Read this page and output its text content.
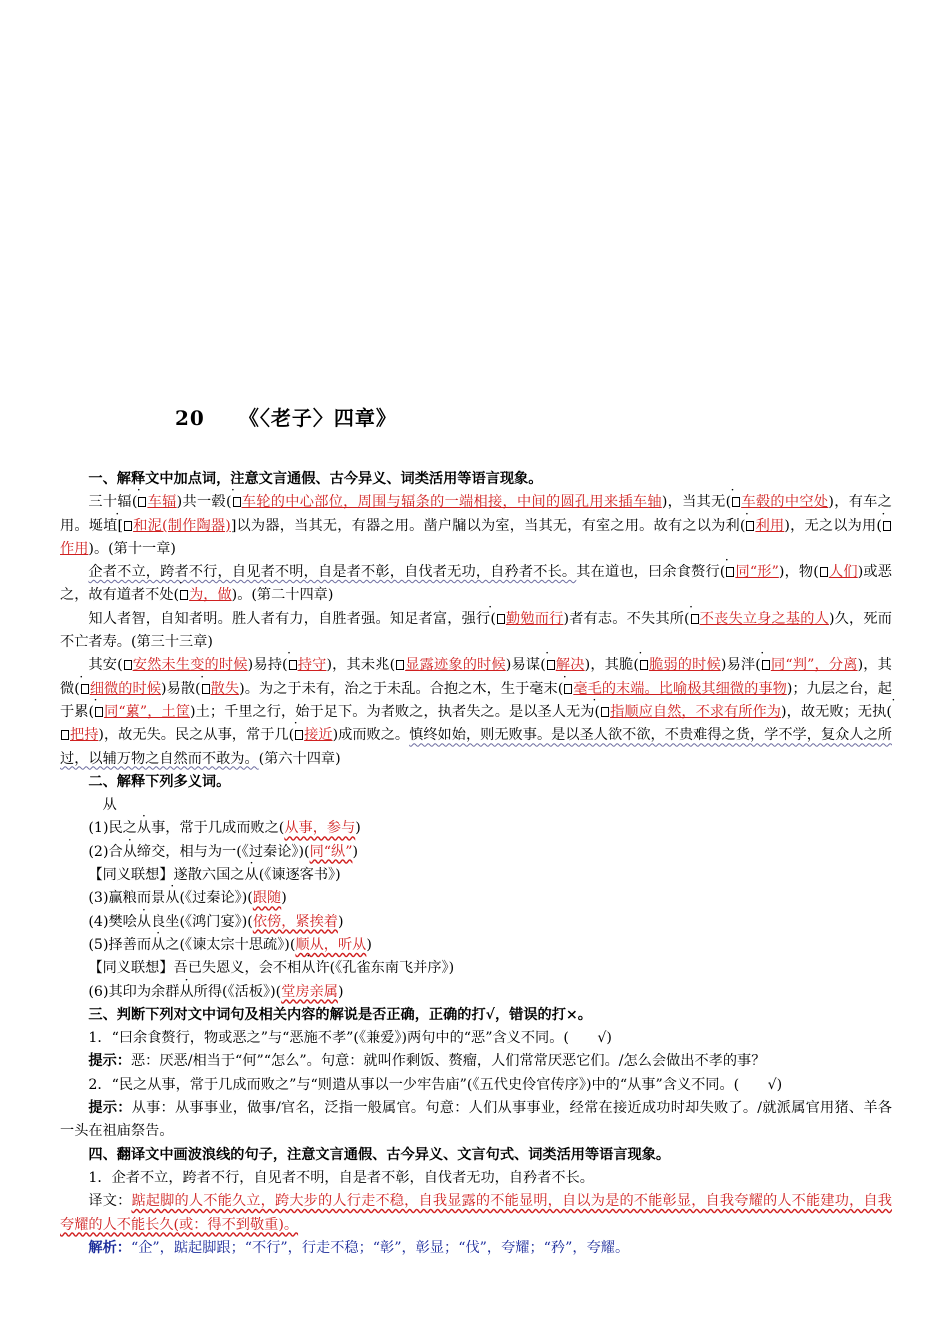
20 《〈老子〉四章》

一、解释文中加点词，注意文言通假、古今异义、词类活用等语言现象。

三十辐( 车辐)共一毂( 车轮的中心部位，周围与辐条的一端相接，中间的圆孔用来插车轴)，当其无( 车毂的中空处)，有车之用。埏埴[ 和泥(制作陶器)]以为器，当其无，有器之用。凿户牖以为室，当其无，有室之用。故有之以为利( 利用)，无之以为用(作用)。(第十一章)

企者不立，跨者不行，自见者不明，自是者不彰，自伐者无功，自矜者不长。其在道也，曰余食赘行( 同“形”)，物( 人们)或恶之，故有道者不处( 为，做)。(第二十四章)

知人者智，自知者明。胜人者有力，自胜者强。知足者富，强行( 勤勉而行)者有志。不失其所( 不丧失立身之基的人)久，死而不亡者寿。(第三十三章)

其安( 安然未生变的时候)易持( 持守)，其未兆( 显露迹象的时候)易谋( 解决)，其脆( 脆弱的时候)易泮( 同“判”，分离)，其微( 细微的时候)易散( 散失)。为之于未有，治之于未乱。合抱之木，生于毫末( 毫毛的末端。比喻极其细微的事物)；九层之台，起于累( 同“蔂”，土筐)土；千里之行，始于足下。为者败之，执者失之。是以圣人无为( 指顺应自然，不求有所作为)，故无败；无执(把持)，故无失。民之从事，常于几( 接近)成而败之。慎终如始，则无败事。是以圣人欲不欲，不贵难得之货，学不学，复众人之所过，以辅万物之自然而不敢为。(第六十四章)

二、解释下列多义词。

从

(1)民之从事，常于几成而败之(从事，参与)

(2)合从缔交，相与为一(《过秦论》)(同“纵”)

【同义联想】遂散六国之从(《谏逐客书》)

(3)赢粮而景从(《过秦论》)(跟随)

(4)樊哙从良坐(《鸿门宴》)(依傍，紧挨着)

(5)择善而从之(《谏太宗十思疏》)(顺从，听从)

【同义联想】吾已失恩义，会不相从许(《孔雀东南飞并序》)

(6)其印为余群从所得(《活板》)(堂房亲属)

三、判断下列对文中词句及相关内容的解说是否正确，正确的打√，错误的打×。

1．“曰余食赘行，物或恶之”与“恶施不孝”(《兼爱》)两句中的“恶”含义不同。( √)

提示：恶：厌恶/相当于“何”“怎么”。句意：就叫作剩饭、赘瘤，人们常常厌恶它们。/怎么会做出不孝的事？

2．“民之从事，常于几成而败之”与“则遣从事以一少牢告庙”(《五代史伶官传序》)中的“从事”含义不同。( √)

提示：从事：从事事业，做事/官名，泛指一般属官。句意：人们从事事业，经常在接近成功时却失败了。/就派属官用猪、羊各一头在祖庙祭告。

四、翻译文中画波浪线的句子，注意文言通假、古今异义、文言句式、词类活用等语言现象。

1．企者不立，跨者不行，自见者不明，自是者不彰，自伐者无功，自矜者不长。

译文：踮起脚的人不能久立，跨大步的人行走不稳，自我显露的不能显明，自以为是的不能彰显，自我夸耀的人不能建功，自我夸耀的人不能长久(或：得不到敬重)。

解析：“企”，踮起脚跟；“不行”，行走不稳；“彰”，彰显；“伐”，夸耀；“矜”，夸耀。
